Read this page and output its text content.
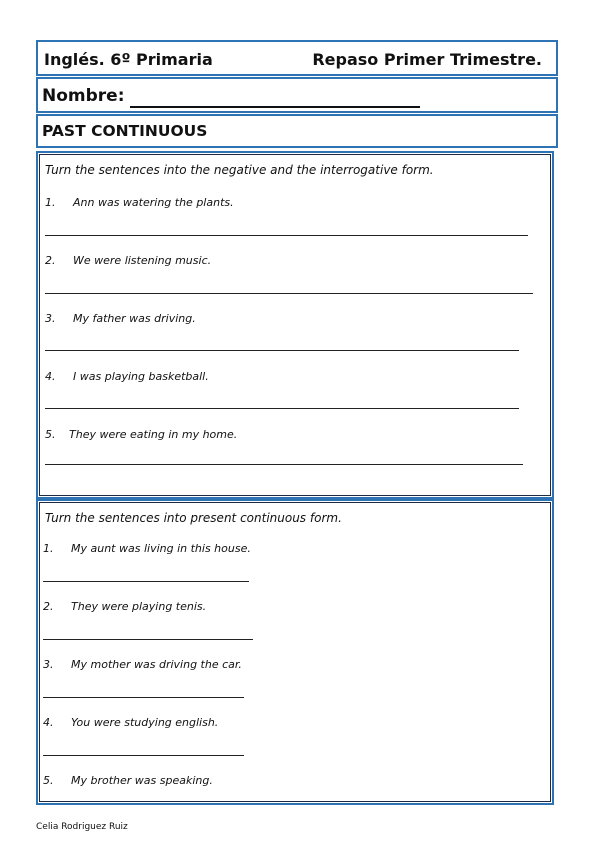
Inglés. 6º Primaria	Repaso Primer Trimestre.
Nombre:
PAST CONTINUOUS
Turn the sentences into the negative and the interrogative form.
1. Ann was watering the plants.
2. We were listening music.
3. My father was driving.
4. I was playing basketball.
5. They were eating in my home.
Turn the sentences into present continuous form.
1. My aunt was living in this house.
2. They were playing tenis.
3. My mother was driving the car.
4. You were studying english.
5. My brother was speaking.
Celia Rodriguez Ruiz
